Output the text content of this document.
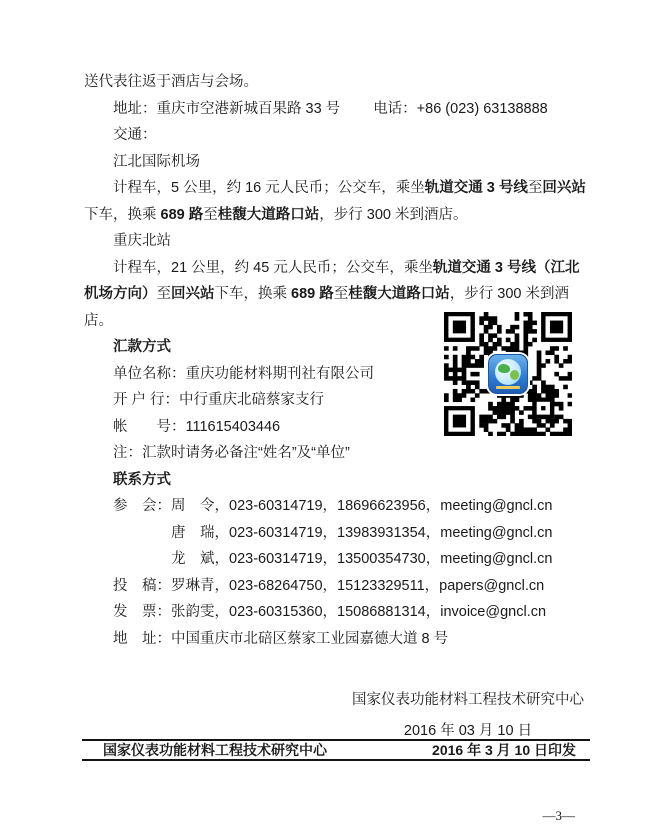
送代表往返于酒店与会场。

地址：重庆市空港新城百果路 33 号 电话：+86 (023) 63138888

交通：

江北国际机场

计程车，5 公里，约 16 元人民币；公交车，乘坐轨道交通 3 号线至回兴站下车，换乘 689 路至桂馥大道路口站，步行 300 米到酒店。

重庆北站

计程车，21 公里，约 45 元人民币；公交车，乘坐轨道交通 3 号线（江北机场方向）至回兴站下车，换乘 689 路至桂馥大道路口站，步行 300 米到酒店。

汇款方式

单位名称：重庆功能材料期刊社有限公司

开 户 行：中行重庆北碚蔡家支行

帐　　号：111615403446

注：汇款时请务必备注“姓名”及“单位”

联系方式

参　会：周　令，023-60314719，18696623956，meeting@gncl.cn

　　　　唐　瑞，023-60314719，13983931354，meeting@gncl.cn

　　　　龙　斌，023-60314719，13500354730，meeting@gncl.cn

投　稿：罗琳青，023-68264750，15123329511，papers@gncl.cn

发　票：张韵雯，023-60315360，15086881314，invoice@gncl.cn

地　址：中国重庆市北碚区蔡家工业园嘉德大道 8 号

国家仪表功能材料工程技术研究中心

2016 年 03 月 10 日

国家仪表功能材料工程技术研究中心	2016 年 3 月 10 日印发
—3—
